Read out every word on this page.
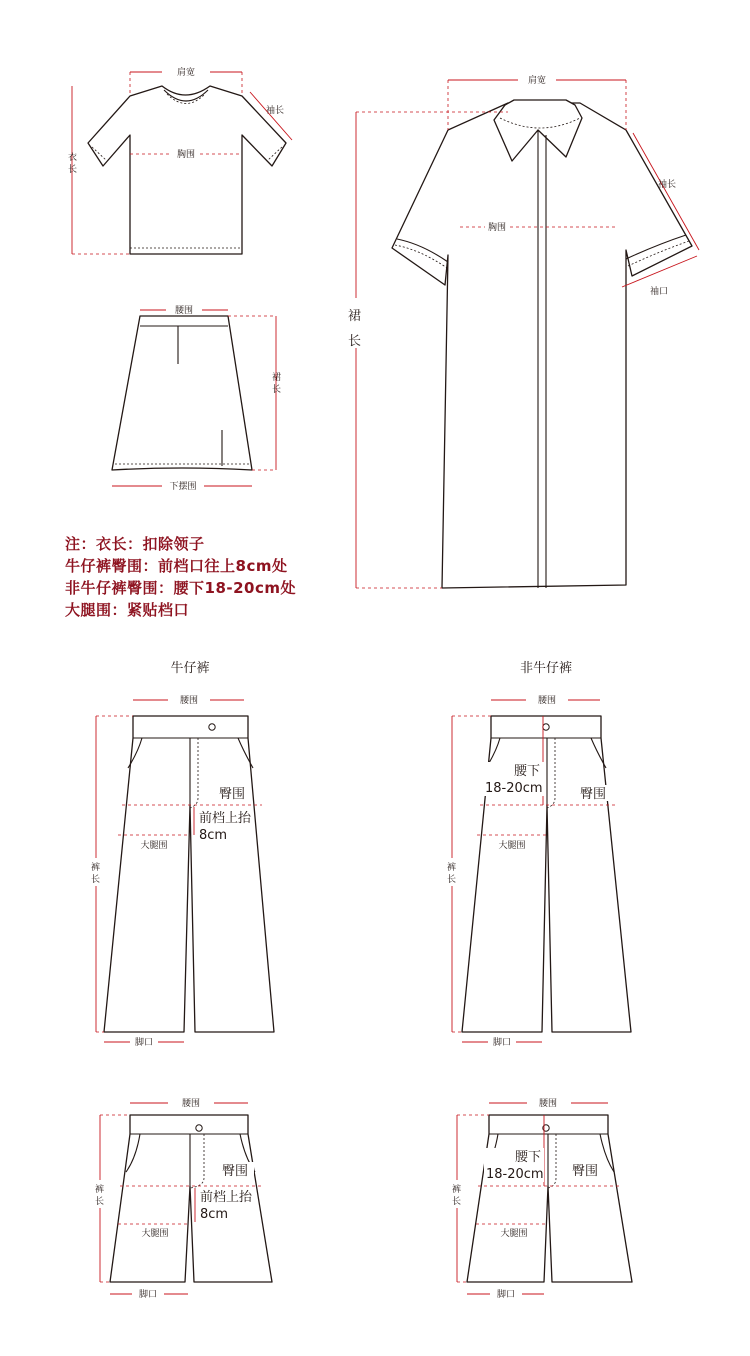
肩宽
袖长
胸围
衣
长
腰围
裙
长
下摆围
肩宽
袖长
袖口
胸围
裙
长
牛仔裤
腰围
臀围
前档上抬
8cm
大腿围
裤
长
脚口
非牛仔裤
腰围
腰下
18-20cm	臀围
大腿围
裤
长
脚口
腰围
臀围
前档上抬
8cm
大腿围
裤
长
脚口
腰围
腰下
18-20cm 臀围
大腿围
裤
长
脚口
注：衣长：扣除领子
牛仔裤臀围：前档口往上8cm处
非牛仔裤臀围：腰下18-20cm处
大腿围：紧贴档口
